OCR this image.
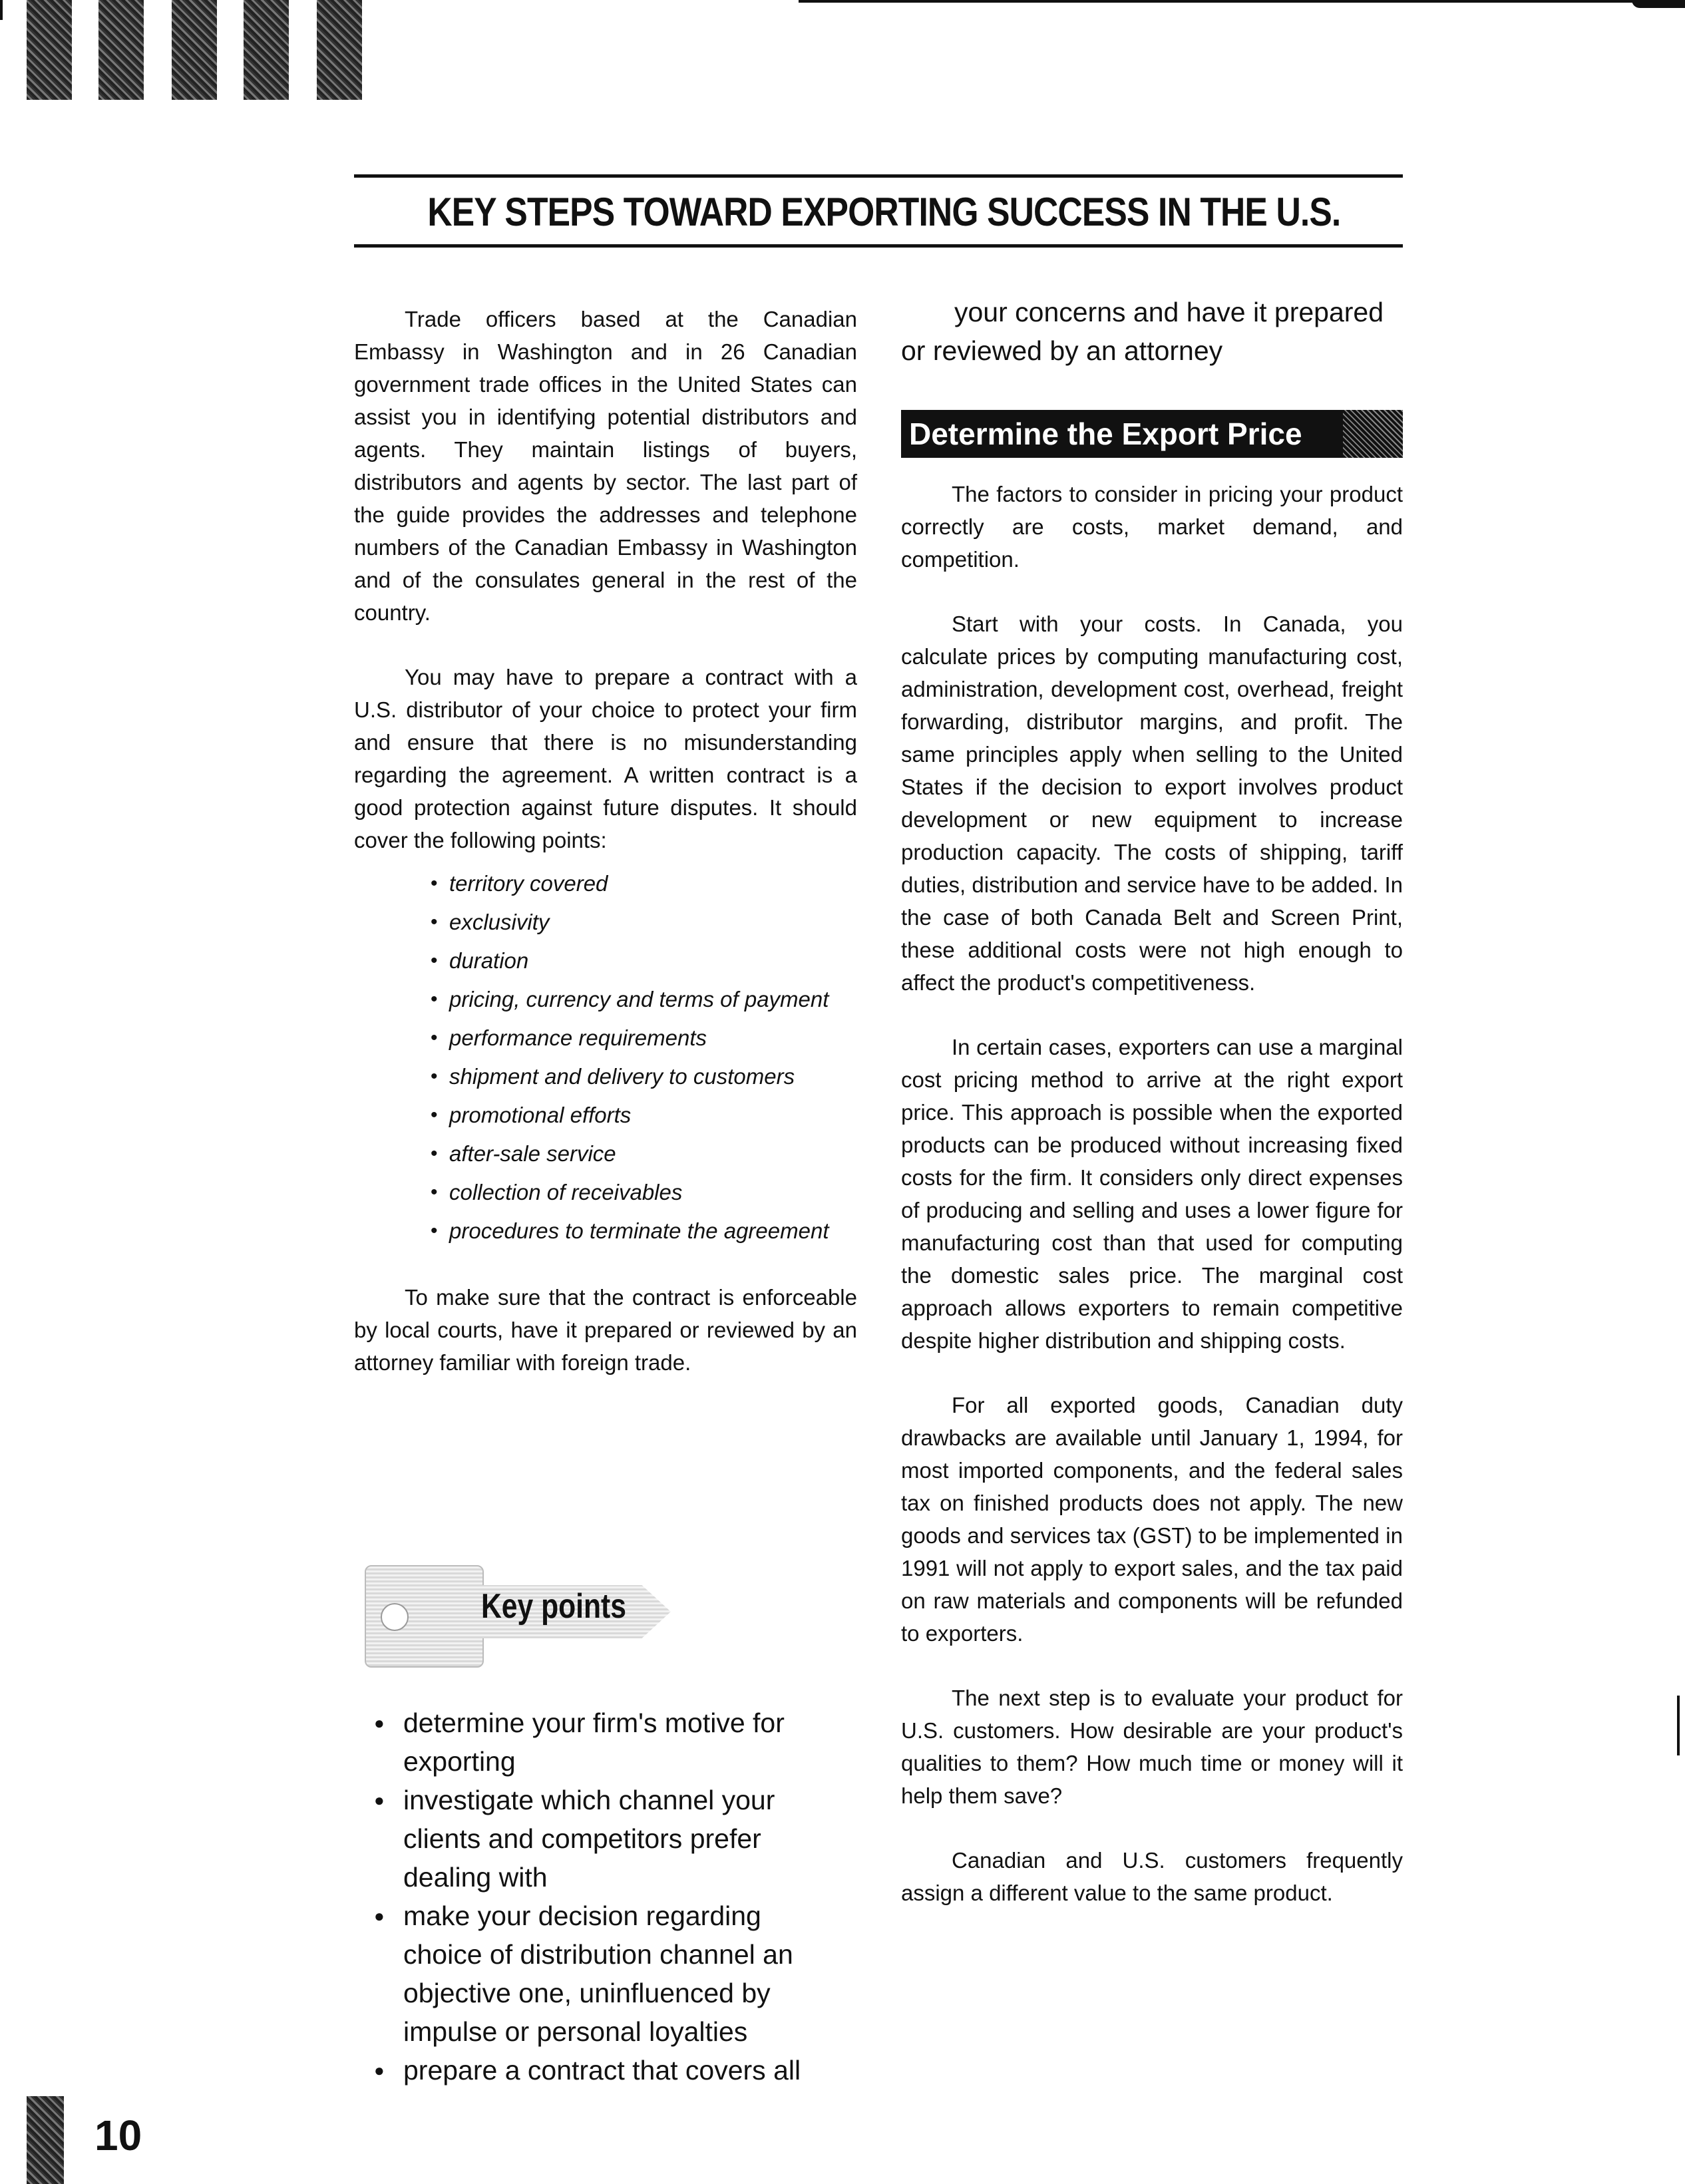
KEY STEPS TOWARD EXPORTING SUCCESS IN THE U.S.

Trade officers based at the Canadian Embassy in Washington and in 26 Canadian government trade offices in the United States can assist you in identifying potential distributors and agents. They maintain listings of buyers, distributors and agents by sector. The last part of the guide provides the addresses and telephone numbers of the Canadian Embassy in Washington and of the consulates general in the rest of the country.

You may have to prepare a contract with a U.S. distributor of your choice to protect your firm and ensure that there is no misunderstanding regarding the agreement. A written contract is a good protection against future disputes. It should cover the following points:

• territory covered
• exclusivity
• duration
• pricing, currency and terms of payment
• performance requirements
• shipment and delivery to customers
• promotional efforts
• after-sale service
• collection of receivables
• procedures to terminate the agreement

To make sure that the contract is enforceable by local courts, have it prepared or reviewed by an attorney familiar with foreign trade.

Key points
● determine your firm's motive for exporting
● investigate which channel your clients and competitors prefer dealing with
● make your decision regarding choice of distribution channel an objective one, uninfluenced by impulse or personal loyalties
● prepare a contract that covers all

your concerns and have it prepared or reviewed by an attorney

Determine the Export Price

The factors to consider in pricing your product correctly are costs, market demand, and competition.

Start with your costs. In Canada, you calculate prices by computing manufacturing cost, administration, development cost, overhead, freight forwarding, distributor margins, and profit. The same principles apply when selling to the United States if the decision to export involves product development or new equipment to increase production capacity. The costs of shipping, tariff duties, distribution and service have to be added. In the case of both Canada Belt and Screen Print, these additional costs were not high enough to affect the product's competitiveness.

In certain cases, exporters can use a marginal cost pricing method to arrive at the right export price. This approach is possible when the exported products can be produced without increasing fixed costs for the firm. It considers only direct expenses of producing and selling and uses a lower figure for manufacturing cost than that used for computing the domestic sales price. The marginal cost approach allows exporters to remain competitive despite higher distribution and shipping costs.

For all exported goods, Canadian duty drawbacks are available until January 1, 1994, for most imported components, and the federal sales tax on finished products does not apply. The new goods and services tax (GST) to be implemented in 1991 will not apply to export sales, and the tax paid on raw materials and components will be refunded to exporters.

The next step is to evaluate your product for U.S. customers. How desirable are your product's qualities to them? How much time or money will it help them save?

Canadian and U.S. customers frequently assign a different value to the same product.

10
